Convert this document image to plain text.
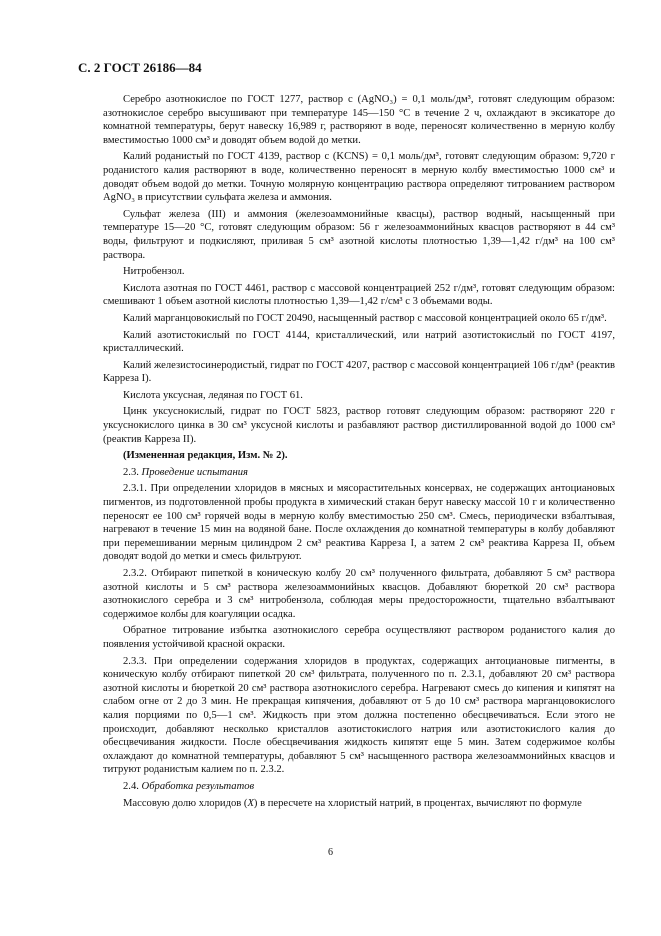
С. 2 ГОСТ 26186—84

Серебро азотнокислое по ГОСТ 1277, раствор c (AgNO₃) = 0,1 моль/дм³, готовят следующим образом: азотнокислое серебро высушивают при температуре 145—150 °С в течение 2 ч, охлаждают в эксикаторе до комнатной температуры, берут навеску 16,989 г, растворяют в воде, переносят количественно в мерную колбу вместимостью 1000 см³ и доводят объем водой до метки.

Калий роданистый по ГОСТ 4139, раствор c (KCNS) = 0,1 моль/дм³, готовят следующим образом: 9,720 г роданистого калия растворяют в воде, количественно переносят в мерную колбу вместимостью 1000 см³ и доводят объем водой до метки. Точную молярную концентрацию раствора определяют титрованием раствором AgNO₃ в присутствии сульфата железа и аммония.

Сульфат железа (III) и аммония (железоаммонийные квасцы), раствор водный, насыщенный при температуре 15—20 °С, готовят следующим образом: 56 г железоаммонийных квасцов растворяют в 44 см³ воды, фильтруют и подкисляют, приливая 5 см³ азотной кислоты плотностью 1,39—1,42 г/дм³ на 100 см³ раствора.

Нитробензол.

Кислота азотная по ГОСТ 4461, раствор с массовой концентрацией 252 г/дм³, готовят следующим образом: смешивают 1 объем азотной кислоты плотностью 1,39—1,42 г/см³ с 3 объемами воды.

Калий марганцовокислый по ГОСТ 20490, насыщенный раствор с массовой концентрацией около 65 г/дм³.

Калий азотистокислый по ГОСТ 4144, кристаллический, или натрий азотистокислый по ГОСТ 4197, кристаллический.

Калий железистосинеродистый, гидрат по ГОСТ 4207, раствор с массовой концентрацией 106 г/дм³ (реактив Карреза I).

Кислота уксусная, ледяная по ГОСТ 61.

Цинк уксуснокислый, гидрат по ГОСТ 5823, раствор готовят следующим образом: растворяют 220 г уксуснокислого цинка в 30 см³ уксусной кислоты и разбавляют раствор дистиллированной водой до 1000 см³ (реактив Карреза II).

(Измененная редакция, Изм. № 2).

2.3. Проведение испытания

2.3.1. При определении хлоридов в мясных и мясорастительных консервах, не содержащих антоциановых пигментов, из подготовленной пробы продукта в химический стакан берут навеску массой 10 г и количественно переносят ее 100 см³ горячей воды в мерную колбу вместимостью 250 см³. Смесь, периодически взбалтывая, нагревают в течение 15 мин на водяной бане. После охлаждения до комнатной температуры в колбу добавляют при перемешивании мерным цилиндром 2 см³ реактива Карреза I, а затем 2 см³ реактива Карреза II, объем доводят водой до метки и смесь фильтруют.

2.3.2. Отбирают пипеткой в коническую колбу 20 см³ полученного фильтрата, добавляют 5 см³ раствора азотной кислоты и 5 см³ раствора железоаммонийных квасцов. Добавляют бюреткой 20 см³ раствора азотнокислого серебра и 3 см³ нитробензола, соблюдая меры предосторожности, тщательно взбалтывают содержимое колбы для коагуляции осадка.

Обратное титрование избытка азотнокислого серебра осуществляют раствором роданистого калия до появления устойчивой красной окраски.

2.3.3. При определении содержания хлоридов в продуктах, содержащих антоциановые пигменты, в коническую колбу отбирают пипеткой 20 см³ фильтрата, полученного по п. 2.3.1, добавляют 20 см³ раствора азотной кислоты и бюреткой 20 см³ раствора азотнокислого серебра. Нагревают смесь до кипения и кипятят на слабом огне от 2 до 3 мин. Не прекращая кипячения, добавляют от 5 до 10 см³ раствора марганцовокислого калия порциями по 0,5—1 см³. Жидкость при этом должна постепенно обесцвечиваться. Если этого не происходит, добавляют несколько кристаллов азотистокислого натрия или азотистокислого калия до обесцвечивания жидкости. После обесцвечивания жидкость кипятят еще 5 мин. Затем содержимое колбы охлаждают до комнатной температуры, добавляют 5 см³ насыщенного раствора железоаммонийных квасцов и титруют роданистым калием по п. 2.3.2.

2.4. Обработка результатов

Массовую долю хлоридов (X) в пересчете на хлористый натрий, в процентах, вычисляют по формуле

6
